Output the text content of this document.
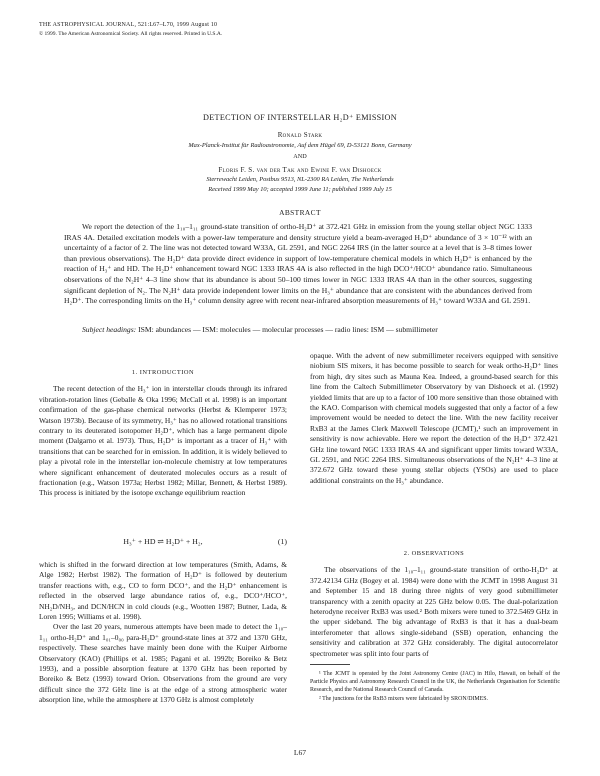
THE ASTROPHYSICAL JOURNAL, 521:L67–L70, 1999 August 10
© 1999. The American Astronomical Society. All rights reserved. Printed in U.S.A.
DETECTION OF INTERSTELLAR H₂D⁺ EMISSION
Ronald Stark
Max-Planck-Institut für Radioastronomie, Auf dem Hügel 69, D-53121 Bonn, Germany
AND
Floris F. S. van der Tak and Ewine F. van Dishoeck
Sterrewacht Leiden, Postbus 9513, NL-2300 RA Leiden, The Netherlands
Received 1999 May 10; accepted 1999 June 11; published 1999 July 15
ABSTRACT

We report the detection of the 1₁₀–1₁₁ ground-state transition of ortho-H₂D⁺ at 372.421 GHz in emission from the young stellar object NGC 1333 IRAS 4A. Detailed excitation models with a power-law temperature and density structure yield a beam-averaged H₂D⁺ abundance of 3 × 10⁻¹² with an uncertainty of a factor of 2. The line was not detected toward W33A, GL 2591, and NGC 2264 IRS (in the latter source at a level that is 3–8 times lower than previous observations). The H₂D⁺ data provide direct evidence in support of low-temperature chemical models in which H₂D⁺ is enhanced by the reaction of H₃⁺ and HD. The H₂D⁺ enhancement toward NGC 1333 IRAS 4A is also reflected in the high DCO⁺/HCO⁺ abundance ratio. Simultaneous observations of the N₂H⁺ 4–3 line show that its abundance is about 50–100 times lower in NGC 1333 IRAS 4A than in the other sources, suggesting significant depletion of N₂. The N₂H⁺ data provide independent lower limits on the H₃⁺ abundance that are consistent with the abundances derived from H₂D⁺. The corresponding limits on the H₃⁺ column density agree with recent near-infrared absorption measurements of H₃⁺ toward W33A and GL 2591.

Subject headings: ISM: abundances — ISM: molecules — molecular processes — radio lines: ISM — submillimeter

1. INTRODUCTION

The recent detection of the H₃⁺ ion in interstellar clouds through its infrared vibration-rotation lines (Geballe & Oka 1996; McCall et al. 1998) is an important confirmation of the gas-phase chemical networks (Herbst & Klemperer 1973; Watson 1973b). Because of its symmetry, H₃⁺ has no allowed rotational transitions contrary to its deuterated isotopomer H₂D⁺, which has a large permanent dipole moment (Dalgarno et al. 1973). Thus, H₂D⁺ is important as a tracer of H₃⁺ with transitions that can be searched for in emission. In addition, it is widely believed to play a pivotal role in the interstellar ion-molecule chemistry at low temperatures where significant enhancement of deuterated molecules occurs as a result of fractionation (e.g., Watson 1973a; Herbst 1982; Millar, Bennett, & Herbst 1989). This process is initiated by the isotope exchange equilibrium reaction

H₃⁺ + HD ⇌ H₂D⁺ + H₂,	(1)

which is shifted in the forward direction at low temperatures (Smith, Adams, & Alge 1982; Herbst 1982). The formation of H₂D⁺ is followed by deuterium transfer reactions with, e.g., CO to form DCO⁺, and the H₂D⁺ enhancement is reflected in the observed large abundance ratios of, e.g., DCO⁺/HCO⁺, NH₂D/NH₃, and DCN/HCN in cold clouds (e.g., Wootten 1987; Butner, Lada, & Loren 1995; Williams et al. 1998).

Over the last 20 years, numerous attempts have been made to detect the 1₁₀–1₁₁ ortho-H₂D⁺ and 1₀₁–0₀₀ para-H₂D⁺ ground-state lines at 372 and 1370 GHz, respectively. These searches have mainly been done with the Kuiper Airborne Observatory (KAO) (Phillips et al. 1985; Pagani et al. 1992b; Boreiko & Betz 1993), and a possible absorption feature at 1370 GHz has been reported by Boreiko & Betz (1993) toward Orion. Observations from the ground are very difficult since the 372 GHz line is at the edge of a strong atmospheric water absorption line, while the atmosphere at 1370 GHz is almost completely

opaque. With the advent of new submillimeter receivers equipped with sensitive niobium SIS mixers, it has become possible to search for weak ortho-H₂D⁺ lines from high, dry sites such as Mauna Kea. Indeed, a ground-based search for this line from the Caltech Submillimeter Observatory by van Dishoeck et al. (1992) yielded limits that are up to a factor of 100 more sensitive than those obtained with the KAO. Comparison with chemical models suggested that only a factor of a few improvement would be needed to detect the line. With the new facility receiver RxB3 at the James Clerk Maxwell Telescope (JCMT),¹ such an improvement in sensitivity is now achievable. Here we report the detection of the H₂D⁺ 372.421 GHz line toward NGC 1333 IRAS 4A and significant upper limits toward W33A, GL 2591, and NGC 2264 IRS. Simultaneous observations of the N₂H⁺ 4–3 line at 372.672 GHz toward these young stellar objects (YSOs) are used to place additional constraints on the H₃⁺ abundance.

2. OBSERVATIONS

The observations of the 1₁₀–1₁₁ ground-state transition of ortho-H₂D⁺ at 372.42134 GHz (Bogey et al. 1984) were done with the JCMT in 1998 August 31 and September 15 and 18 during three nights of very good submillimeter transparency with a zenith opacity at 225 GHz below 0.05. The dual-polarization heterodyne receiver RxB3 was used.² Both mixers were tuned to 372.5469 GHz in the upper sideband. The big advantage of RxB3 is that it has a dual-beam interferometer that allows single-sideband (SSB) operation, enhancing the sensitivity and calibration at 372 GHz considerably. The digital autocorrelator spectrometer was split into four parts of

¹ The JCMT is operated by the Joint Astronomy Centre (JAC) in Hilo, Hawaii, on behalf of the Particle Physics and Astronomy Research Council in the UK, the Netherlands Organisation for Scientific Research, and the National Research Council of Canada.

² The junctions for the RxB3 mixers were fabricated by SRON/DIMES.

L67
